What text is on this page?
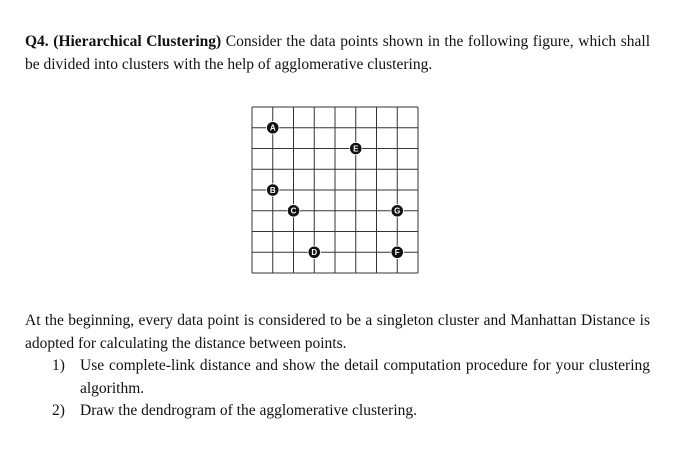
Q4. (Hierarchical Clustering) Consider the data points shown in the following figure, which shall be divided into clusters with the help of agglomerative clustering.

A
E
B
C	G
D	F

At the beginning, every data point is considered to be a singleton cluster and Manhattan Distance is adopted for calculating the distance between points.

1) Use complete-link distance and show the detail computation procedure for your clustering algorithm.
2) Draw the dendrogram of the agglomerative clustering.
